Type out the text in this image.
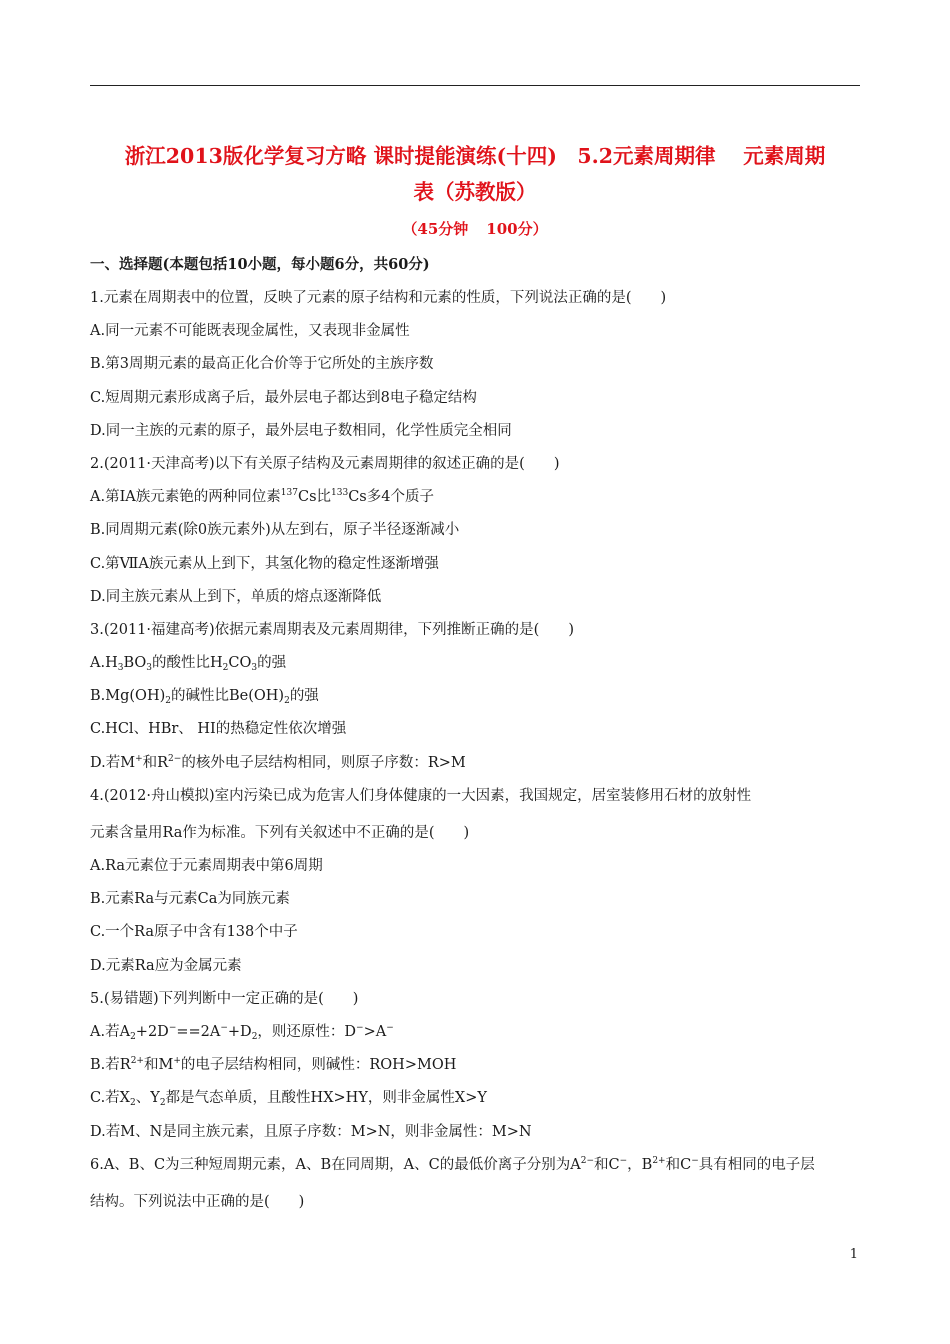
浙江2013版化学复习方略 课时提能演练(十四)　5.2元素周期律　 元素周期
表（苏教版）
（45分钟 100分）
一、选择题(本题包括10小题，每小题6分，共60分)
1.元素在周期表中的位置，反映了元素的原子结构和元素的性质，下列说法正确的是(　　)
A.同一元素不可能既表现金属性，又表现非金属性
B.第3周期元素的最高正化合价等于它所处的主族序数
C.短周期元素形成离子后，最外层电子都达到8电子稳定结构
D.同一主族的元素的原子，最外层电子数相同，化学性质完全相同
2.(2011·天津高考)以下有关原子结构及元素周期律的叙述正确的是(　　)
A.第ⅠA族元素铯的两种同位素$^{137}$Cs比$^{133}$Cs多4个质子
B.同周期元素(除0族元素外)从左到右，原子半径逐渐减小
C.第ⅦA族元素从上到下，其氢化物的稳定性逐渐增强
D.同主族元素从上到下，单质的熔点逐渐降低
3.(2011·福建高考)依据元素周期表及元素周期律，下列推断正确的是(　　)
$A.H_3BO_3$的酸性比$H_2CO_3$的强
$B.Mg(OH)_2$的碱性比$Be(OH)_2$的强
C.HCl、HBr、 HI的热稳定性依次增强
D.若M+和$R^{2-}$的核外电子层结构相同，则原子序数：R>M
4.(2012·舟山模拟)室内污染已成为危害人们身体健康的一大因素，我国规定，居室装修用石材的放射性
元素含量用Ra作为标准。下列有关叙述中不正确的是(　　)
A.Ra元素位于元素周期表中第6周期
B.元素Ra与元素Ca为同族元素
C.一个Ra原子中含有138个中子
D.元素Ra应为金属元素
5.(易错题)下列判断中一定正确的是(　　)
A.若$A_2+2D^-==2A^-+D_2$，则还原性：D−>A−
B.若$R^{2+}$和M+的电子层结构相同，则碱性：ROH>MOH
C.若$X_2$、$Y_2$都是气态单质，且酸性HX>HY，则非金属性X>Y
D.若M、N是同主族元素，且原子序数：M>N，则非金属性：M>N
6.A、B、C为三种短周期元素，A、B在同周期，A、C的最低价离子分别为$A^{2-}$和C−，$B^{2+}$和C−具有相同的电子层
结构。下列说法中正确的是(　　)
1
